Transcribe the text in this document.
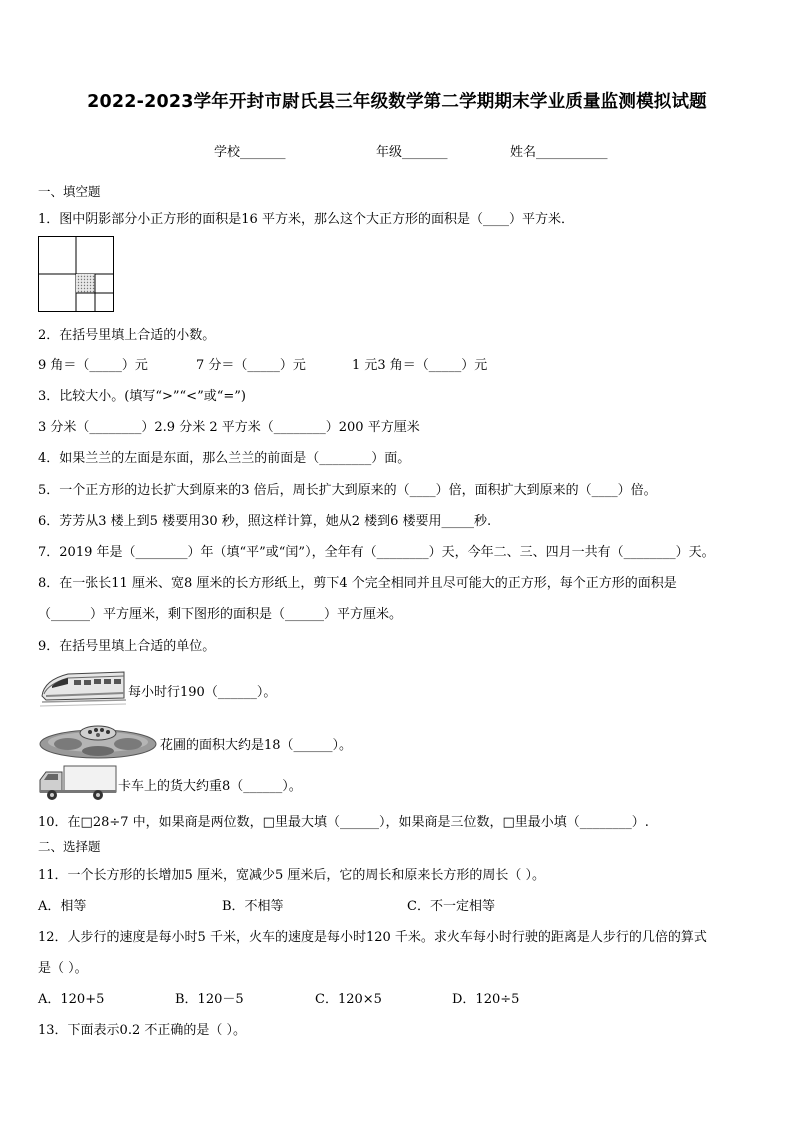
2022-2023学年开封市尉氏县三年级数学第二学期期末学业质量监测模拟试题
学校_______	年级_______	姓名___________
一、填空题
1．图中阴影部分小正方形的面积是16 平方米，那么这个大正方形的面积是（____）平方米．
2．在括号里填上合适的小数。
9 角＝（_____）元	7 分＝（_____）元	1 元3 角＝（_____）元
3．比较大小。(填写“>”“<”或“=”)
3 分米（________）2.9 分米 2 平方米（________）200 平方厘米
4．如果兰兰的左面是东面，那么兰兰的前面是（________）面。
5．一个正方形的边长扩大到原来的3 倍后，周长扩大到原来的（____）倍，面积扩大到原来的（____）倍。
6．芳芳从3 楼上到5 楼要用30 秒，照这样计算，她从2 楼到6 楼要用_____秒.
7．2019 年是（________）年（填“平”或“闰”），全年有（________）天，今年二、三、四月一共有（________）天。
8．在一张长11 厘米、宽8 厘米的长方形纸上，剪下4 个完全相同并且尽可能大的正方形，每个正方形的面积是
（______）平方厘米，剩下图形的面积是（______）平方厘米。
9．在括号里填上合适的单位。
每小时行190（______）。
花圃的面积大约是18（______）。
卡车上的货大约重8（______）。
10．在□28÷7 中，如果商是两位数，□里最大填（______），如果商是三位数，□里最小填（________）.
二、选择题
11．一个长方形的长增加5 厘米，宽减少5 厘米后，它的周长和原来长方形的周长（ ）。
A．相等	B．不相等	C．不一定相等
12．人步行的速度是每小时5 千米，火车的速度是每小时120 千米。求火车每小时行驶的距离是人步行的几倍的算式
是（ ）。
A．120+5	B．120－5	C．120×5	D．120÷5
13．下面表示0.2 不正确的是（ ）。
